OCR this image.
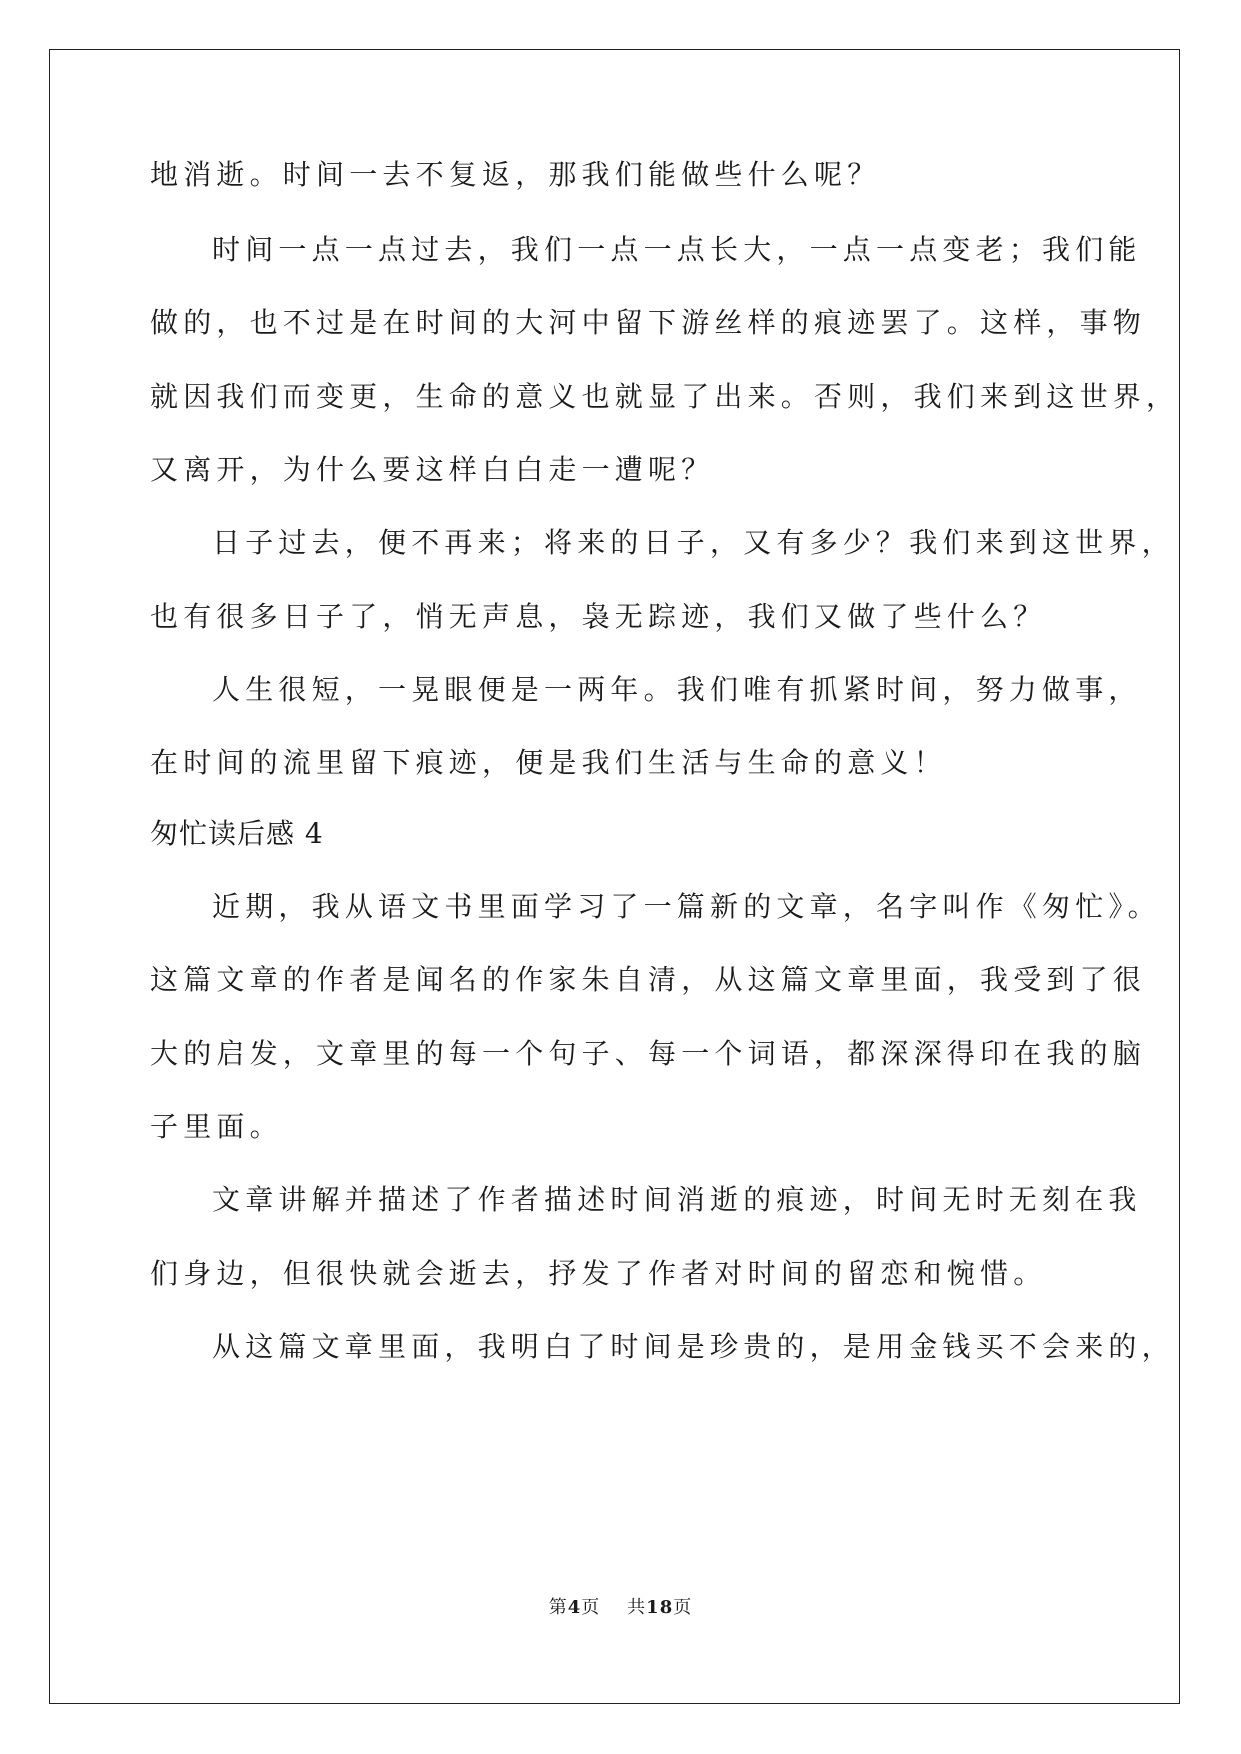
地消逝。时间一去不复返，那我们能做些什么呢？
时间一点一点过去，我们一点一点长大，一点一点变老；我们能
做的，也不过是在时间的大河中留下游丝样的痕迹罢了。这样，事物
就因我们而变更，生命的意义也就显了出来。否则，我们来到这世界，
又离开，为什么要这样白白走一遭呢？
日子过去，便不再来；将来的日子，又有多少？我们来到这世界，
也有很多日子了，悄无声息，袅无踪迹，我们又做了些什么？
人生很短，一晃眼便是一两年。我们唯有抓紧时间，努力做事，
在时间的流里留下痕迹，便是我们生活与生命的意义！
匆忙读后感 4
近期，我从语文书里面学习了一篇新的文章，名字叫作《匆忙》。
这篇文章的作者是闻名的作家朱自清，从这篇文章里面，我受到了很
大的启发，文章里的每一个句子、每一个词语，都深深得印在我的脑
子里面。
文章讲解并描述了作者描述时间消逝的痕迹，时间无时无刻在我
们身边，但很快就会逝去，抒发了作者对时间的留恋和惋惜。
从这篇文章里面，我明白了时间是珍贵的，是用金钱买不会来的，
第4页 共18页
